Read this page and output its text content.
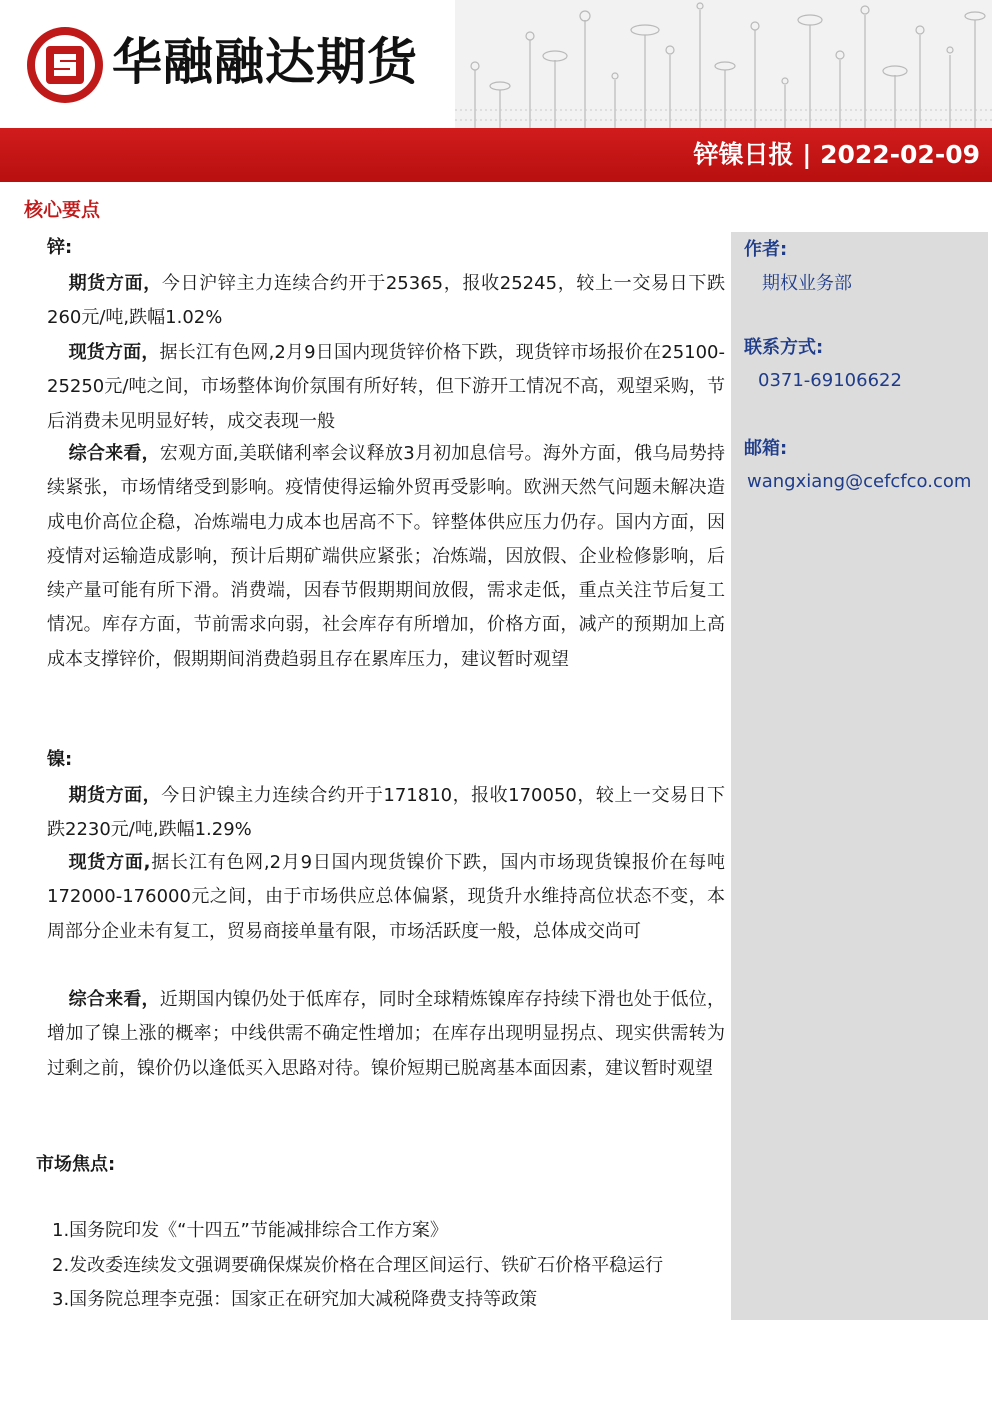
华融融达期货
锌镍日报 | 2022-02-09
核心要点
作者:
期权业务部
联系方式:
0371-69106622
邮箱:
wangxiang@cefcfco.com
锌:

期货方面，今日沪锌主力连续合约开于25365，报收25245，较上一交易日下跌260元/吨,跌幅1.02%

现货方面，据长江有色网,2月9日国内现货锌价格下跌，现货锌市场报价在25100-25250元/吨之间，市场整体询价氛围有所好转，但下游开工情况不高，观望采购，节后消费未见明显好转，成交表现一般

综合来看，宏观方面,美联储利率会议释放3月初加息信号。海外方面，俄乌局势持续紧张，市场情绪受到影响。疫情使得运输外贸再受影响。欧洲天然气问题未解决造成电价高位企稳，冶炼端电力成本也居高不下。锌整体供应压力仍存。国内方面，因疫情对运输造成影响，预计后期矿端供应紧张；冶炼端，因放假、企业检修影响，后续产量可能有所下滑。消费端，因春节假期期间放假，需求走低，重点关注节后复工情况。库存方面，节前需求向弱，社会库存有所增加，价格方面，减产的预期加上高成本支撑锌价，假期期间消费趋弱且存在累库压力，建议暂时观望

镍:

期货方面，今日沪镍主力连续合约开于171810，报收170050，较上一交易日下跌2230元/吨,跌幅1.29%

现货方面,据长江有色网,2月9日国内现货镍价下跌，国内市场现货镍报价在每吨172000-176000元之间，由于市场供应总体偏紧，现货升水维持高位状态不变，本周部分企业未有复工，贸易商接单量有限，市场活跃度一般，总体成交尚可

综合来看，近期国内镍仍处于低库存，同时全球精炼镍库存持续下滑也处于低位，增加了镍上涨的概率；中线供需不确定性增加；在库存出现明显拐点、现实供需转为过剩之前，镍价仍以逢低买入思路对待。镍价短期已脱离基本面因素，建议暂时观望

市场焦点:
1.国务院印发《“十四五”节能减排综合工作方案》
2.发改委连续发文强调要确保煤炭价格在合理区间运行、铁矿石价格平稳运行
3.国务院总理李克强：国家正在研究加大减税降费支持等政策
